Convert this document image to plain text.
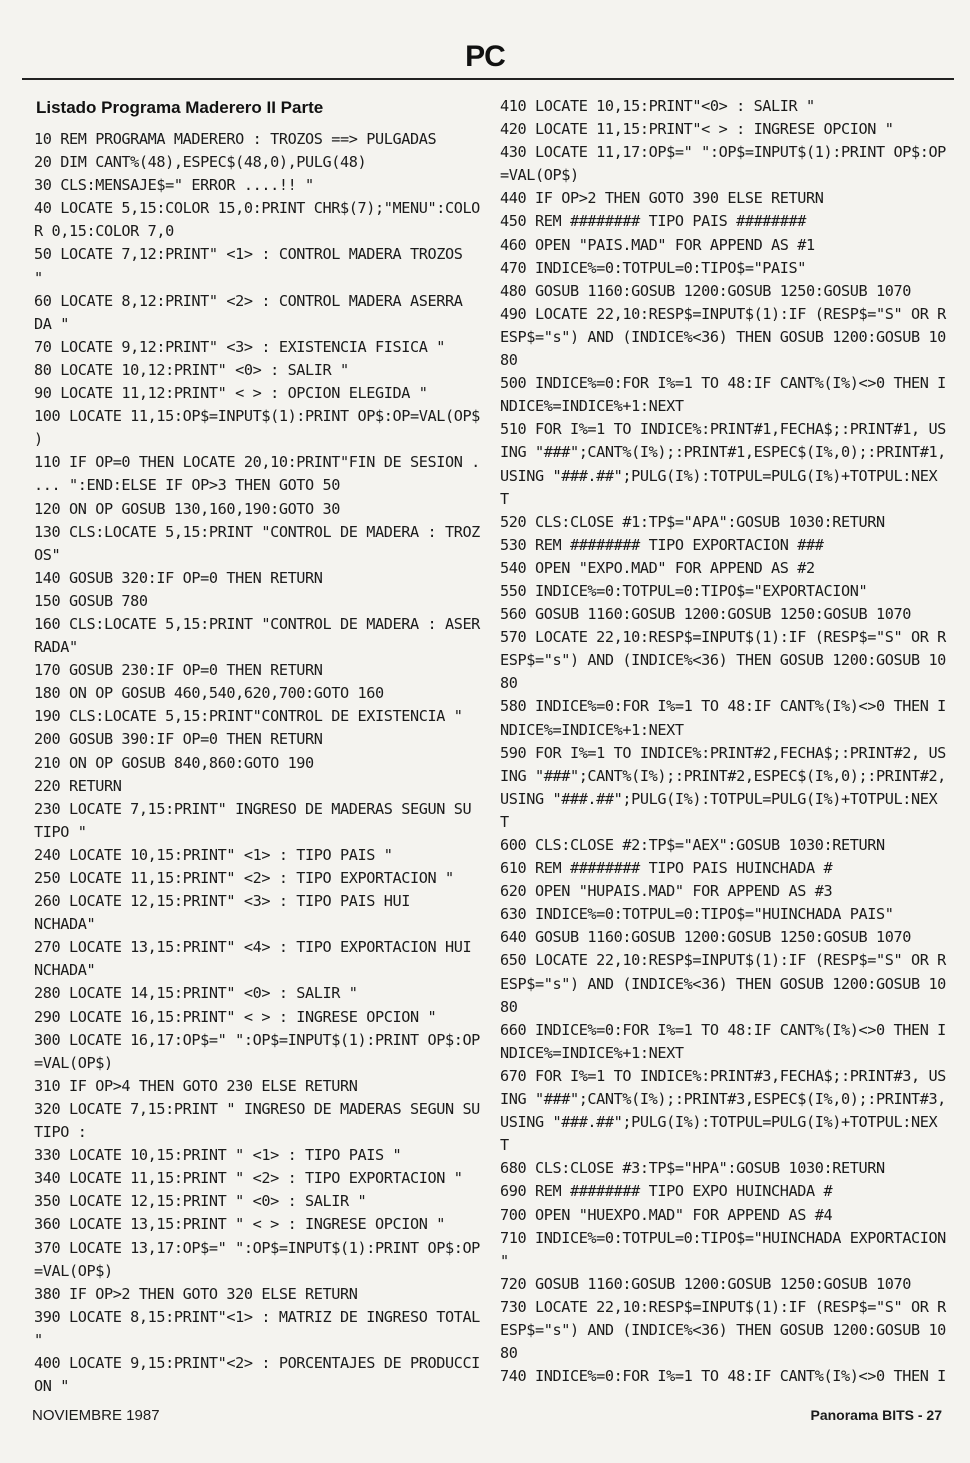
PC
Listado Programa Maderero II Parte
10 REM PROGRAMA MADERERO : TROZOS ==> PULGADAS
20 DIM CANT%(48),ESPEC$(48,0),PULG(48)
30 CLS:MENSAJE$=" ERROR ....!! "
40 LOCATE 5,15:COLOR 15,0:PRINT CHR$(7);"MENU":COLO
R 0,15:COLOR 7,0
50 LOCATE 7,12:PRINT" <1> : CONTROL MADERA TROZOS
"
60 LOCATE 8,12:PRINT" <2> : CONTROL MADERA ASERRA
DA "
70 LOCATE 9,12:PRINT" <3> : EXISTENCIA FISICA "
80 LOCATE 10,12:PRINT" <0> : SALIR "
90 LOCATE 11,12:PRINT" < > : OPCION ELEGIDA "
100 LOCATE 11,15:OP$=INPUT$(1):PRINT OP$:OP=VAL(OP$
)
110 IF OP=0 THEN LOCATE 20,10:PRINT"FIN DE SESION .
... ":END:ELSE IF OP>3 THEN GOTO 50
120 ON OP GOSUB 130,160,190:GOTO 30
130 CLS:LOCATE 5,15:PRINT "CONTROL DE MADERA : TROZ
OS"
140 GOSUB 320:IF OP=0 THEN RETURN
150 GOSUB 780
160 CLS:LOCATE 5,15:PRINT "CONTROL DE MADERA : ASER
RADA"
170 GOSUB 230:IF OP=0 THEN RETURN
180 ON OP GOSUB 460,540,620,700:GOTO 160
190 CLS:LOCATE 5,15:PRINT"CONTROL DE EXISTENCIA "
200 GOSUB 390:IF OP=0 THEN RETURN
210 ON OP GOSUB 840,860:GOTO 190
220 RETURN
230 LOCATE 7,15:PRINT" INGRESO DE MADERAS SEGUN SU
TIPO "
240 LOCATE 10,15:PRINT" <1> : TIPO PAIS "
250 LOCATE 11,15:PRINT" <2> : TIPO EXPORTACION "
260 LOCATE 12,15:PRINT" <3> : TIPO PAIS HUI
NCHADA"
270 LOCATE 13,15:PRINT" <4> : TIPO EXPORTACION HUI
NCHADA"
280 LOCATE 14,15:PRINT" <0> : SALIR "
290 LOCATE 16,15:PRINT" < > : INGRESE OPCION "
300 LOCATE 16,17:OP$=" ":OP$=INPUT$(1):PRINT OP$:OP
=VAL(OP$)
310 IF OP>4 THEN GOTO 230 ELSE RETURN
320 LOCATE 7,15:PRINT " INGRESO DE MADERAS SEGUN SU
TIPO :
330 LOCATE 10,15:PRINT " <1> : TIPO PAIS "
340 LOCATE 11,15:PRINT " <2> : TIPO EXPORTACION "
350 LOCATE 12,15:PRINT " <0> : SALIR "
360 LOCATE 13,15:PRINT " < > : INGRESE OPCION "
370 LOCATE 13,17:OP$=" ":OP$=INPUT$(1):PRINT OP$:OP
=VAL(OP$)
380 IF OP>2 THEN GOTO 320 ELSE RETURN
390 LOCATE 8,15:PRINT"<1> : MATRIZ DE INGRESO TOTAL
"
400 LOCATE 9,15:PRINT"<2> : PORCENTAJES DE PRODUCCI
ON "
410 LOCATE 10,15:PRINT"<0> : SALIR "
420 LOCATE 11,15:PRINT"< > : INGRESE OPCION "
430 LOCATE 11,17:OP$=" ":OP$=INPUT$(1):PRINT OP$:OP
=VAL(OP$)
440 IF OP>2 THEN GOTO 390 ELSE RETURN
450 REM ######## TIPO PAIS ########
460 OPEN "PAIS.MAD" FOR APPEND AS #1
470 INDICE%=0:TOTPUL=0:TIPO$="PAIS"
480 GOSUB 1160:GOSUB 1200:GOSUB 1250:GOSUB 1070
490 LOCATE 22,10:RESP$=INPUT$(1):IF (RESP$="S" OR R
ESP$="s") AND (INDICE%<36) THEN GOSUB 1200:GOSUB 10
80
500 INDICE%=0:FOR I%=1 TO 48:IF CANT%(I%)<>0 THEN I
NDICE%=INDICE%+1:NEXT
510 FOR I%=1 TO INDICE%:PRINT#1,FECHA$;:PRINT#1, US
ING "###";CANT%(I%);:PRINT#1,ESPEC$(I%,0);:PRINT#1,
USING "###.##";PULG(I%):TOTPUL=PULG(I%)+TOTPUL:NEX
T
520 CLS:CLOSE #1:TP$="APA":GOSUB 1030:RETURN
530 REM ######## TIPO EXPORTACION ###
540 OPEN "EXPO.MAD" FOR APPEND AS #2
550 INDICE%=0:TOTPUL=0:TIPO$="EXPORTACION"
560 GOSUB 1160:GOSUB 1200:GOSUB 1250:GOSUB 1070
570 LOCATE 22,10:RESP$=INPUT$(1):IF (RESP$="S" OR R
ESP$="s") AND (INDICE%<36) THEN GOSUB 1200:GOSUB 10
80
580 INDICE%=0:FOR I%=1 TO 48:IF CANT%(I%)<>0 THEN I
NDICE%=INDICE%+1:NEXT
590 FOR I%=1 TO INDICE%:PRINT#2,FECHA$;:PRINT#2, US
ING "###";CANT%(I%);:PRINT#2,ESPEC$(I%,0);:PRINT#2,
USING "###.##";PULG(I%):TOTPUL=PULG(I%)+TOTPUL:NEX
T
600 CLS:CLOSE #2:TP$="AEX":GOSUB 1030:RETURN
610 REM ######## TIPO PAIS HUINCHADA #
620 OPEN "HUPAIS.MAD" FOR APPEND AS #3
630 INDICE%=0:TOTPUL=0:TIPO$="HUINCHADA PAIS"
640 GOSUB 1160:GOSUB 1200:GOSUB 1250:GOSUB 1070
650 LOCATE 22,10:RESP$=INPUT$(1):IF (RESP$="S" OR R
ESP$="s") AND (INDICE%<36) THEN GOSUB 1200:GOSUB 10
80
660 INDICE%=0:FOR I%=1 TO 48:IF CANT%(I%)<>0 THEN I
NDICE%=INDICE%+1:NEXT
670 FOR I%=1 TO INDICE%:PRINT#3,FECHA$;:PRINT#3, US
ING "###";CANT%(I%);:PRINT#3,ESPEC$(I%,0);:PRINT#3,
USING "###.##";PULG(I%):TOTPUL=PULG(I%)+TOTPUL:NEX
T
680 CLS:CLOSE #3:TP$="HPA":GOSUB 1030:RETURN
690 REM ######## TIPO EXPO HUINCHADA #
700 OPEN "HUEXPO.MAD" FOR APPEND AS #4
710 INDICE%=0:TOTPUL=0:TIPO$="HUINCHADA EXPORTACION
"
720 GOSUB 1160:GOSUB 1200:GOSUB 1250:GOSUB 1070
730 LOCATE 22,10:RESP$=INPUT$(1):IF (RESP$="S" OR R
ESP$="s") AND (INDICE%<36) THEN GOSUB 1200:GOSUB 10
80
740 INDICE%=0:FOR I%=1 TO 48:IF CANT%(I%)<>0 THEN I
NOVIEMBRE 1987	Panorama BITS - 27
